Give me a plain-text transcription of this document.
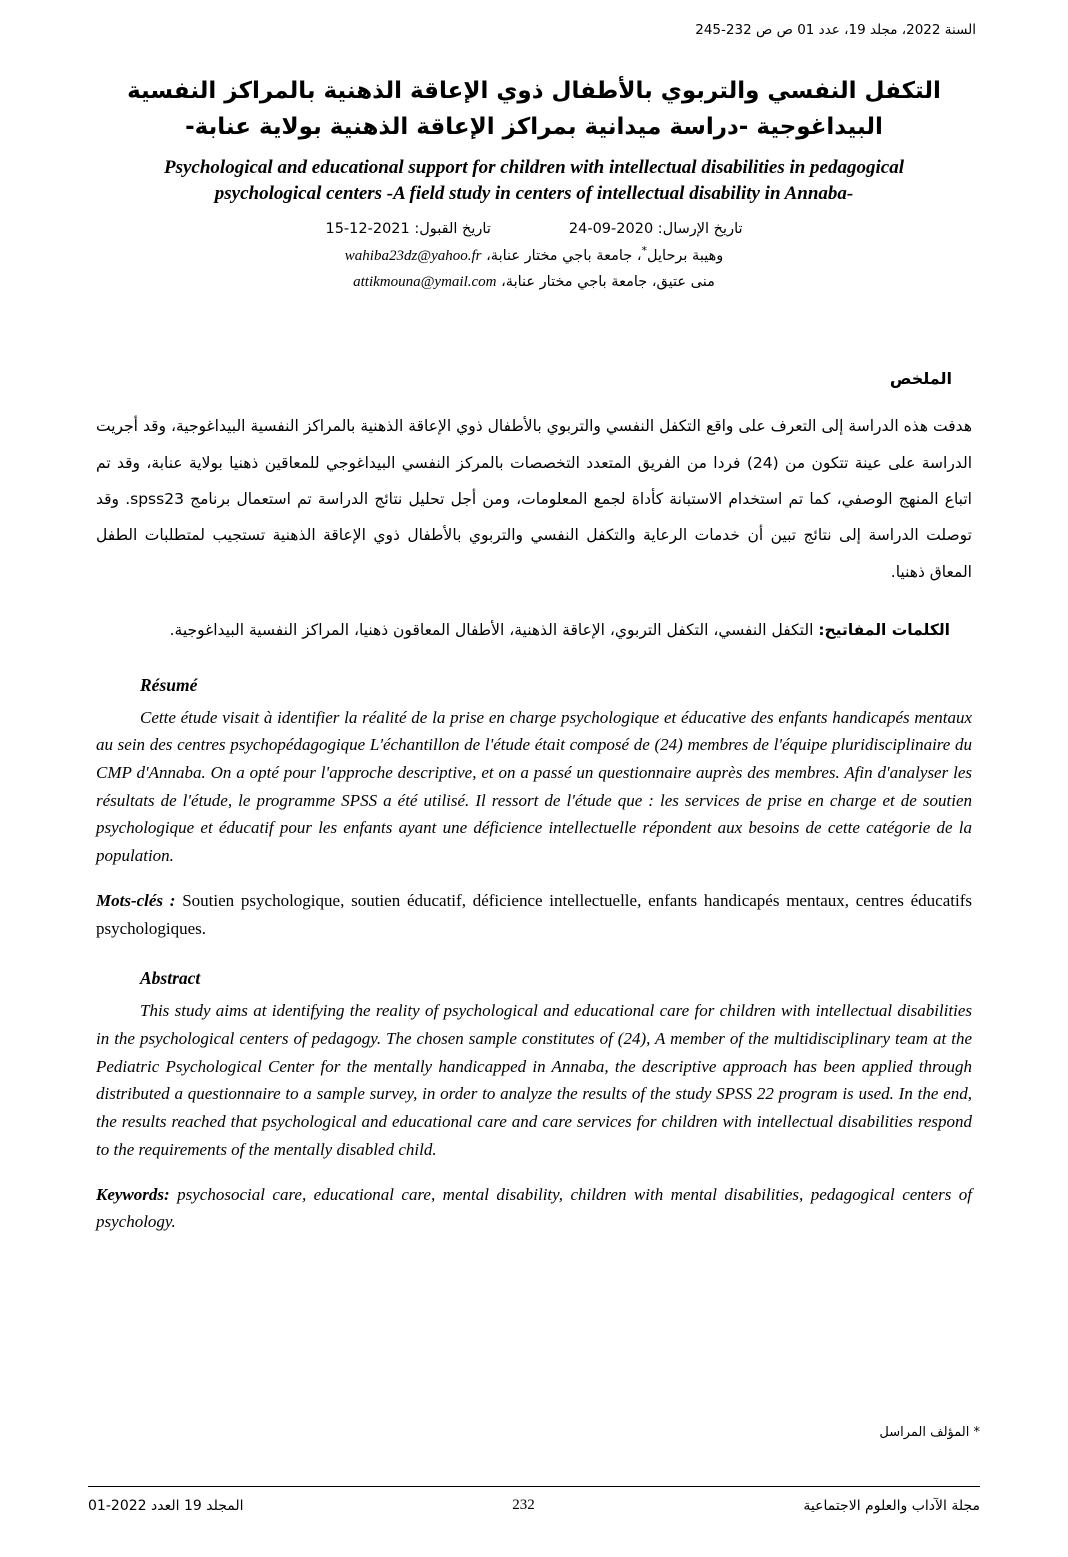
السنة 2022، مجلد 19، عدد 01 ص ص 232-245
التكفل النفسي والتربوي بالأطفال ذوي الإعاقة الذهنية بالمراكز النفسية البيداغوجية -دراسة ميدانية بمراكز الإعاقة الذهنية بولاية عنابة-
Psychological and educational support for children with intellectual disabilities in pedagogical psychological centers -A field study in centers of intellectual disability in Annaba-
تاريخ الإرسال: 2020-09-24
تاريخ القبول: 2021-12-15
وهيبة برحايل*، جامعة باجي مختار عنابة، wahiba23dz@yahoo.fr
منى عتيق، جامعة باجي مختار عنابة، attikmouna@ymail.com
الملخص

هدفت هذه الدراسة إلى التعرف على واقع التكفل النفسي والتربوي بالأطفال ذوي الإعاقة الذهنية بالمراكز النفسية البيداغوجية، وقد أجريت الدراسة على عينة تتكون من (24) فردا من الفريق المتعدد التخصصات بالمركز النفسي البيداغوجي للمعاقين ذهنيا بولاية عنابة، وقد تم اتباع المنهج الوصفي، كما تم استخدام الاستبانة كأداة لجمع المعلومات، ومن أجل تحليل نتائج الدراسة تم استعمال برنامج spss23. وقد توصلت الدراسة إلى نتائج تبين أن خدمات الرعاية والتكفل النفسي والتربوي بالأطفال ذوي الإعاقة الذهنية تستجيب لمتطلبات الطفل المعاق ذهنيا.

الكلمات المفاتيح: التكفل النفسي، التكفل التربوي، الإعاقة الذهنية، الأطفال المعاقون ذهنيا، المراكز النفسية البيداغوجية.

Résumé

Cette étude visait à identifier la réalité de la prise en charge psychologique et éducative des enfants handicapés mentaux au sein des centres psychopédagogique L'échantillon de l'étude était composé de (24) membres de l'équipe pluridisciplinaire du CMP d'Annaba. On a opté pour l'approche descriptive, et on a passé un questionnaire auprès des membres. Afin d'analyser les résultats de l'étude, le programme SPSS a été utilisé. Il ressort de l'étude que : les services de prise en charge et de soutien psychologique et éducatif pour les enfants ayant une déficience intellectuelle répondent aux besoins de cette catégorie de la population.

Mots-clés : Soutien psychologique, soutien éducatif, déficience intellectuelle, enfants handicapés mentaux, centres éducatifs psychologiques.

Abstract

This study aims at identifying the reality of psychological and educational care for children with intellectual disabilities in the psychological centers of pedagogy. The chosen sample constitutes of (24), A member of the multidisciplinary team at the Pediatric Psychological Center for the mentally handicapped in Annaba, the descriptive approach has been applied through distributed a questionnaire to a sample survey, in order to analyze the results of the study SPSS 22 program is used. In the end, the results reached that psychological and educational care and care services for children with intellectual disabilities respond to the requirements of the mentally disabled child.

Keywords: psychosocial care, educational care, mental disability, children with mental disabilities, pedagogical centers of psychology.

* المؤلف المراسل
مجلة الآداب والعلوم الاجتماعية
232
المجلد 19 العدد 2022-01
